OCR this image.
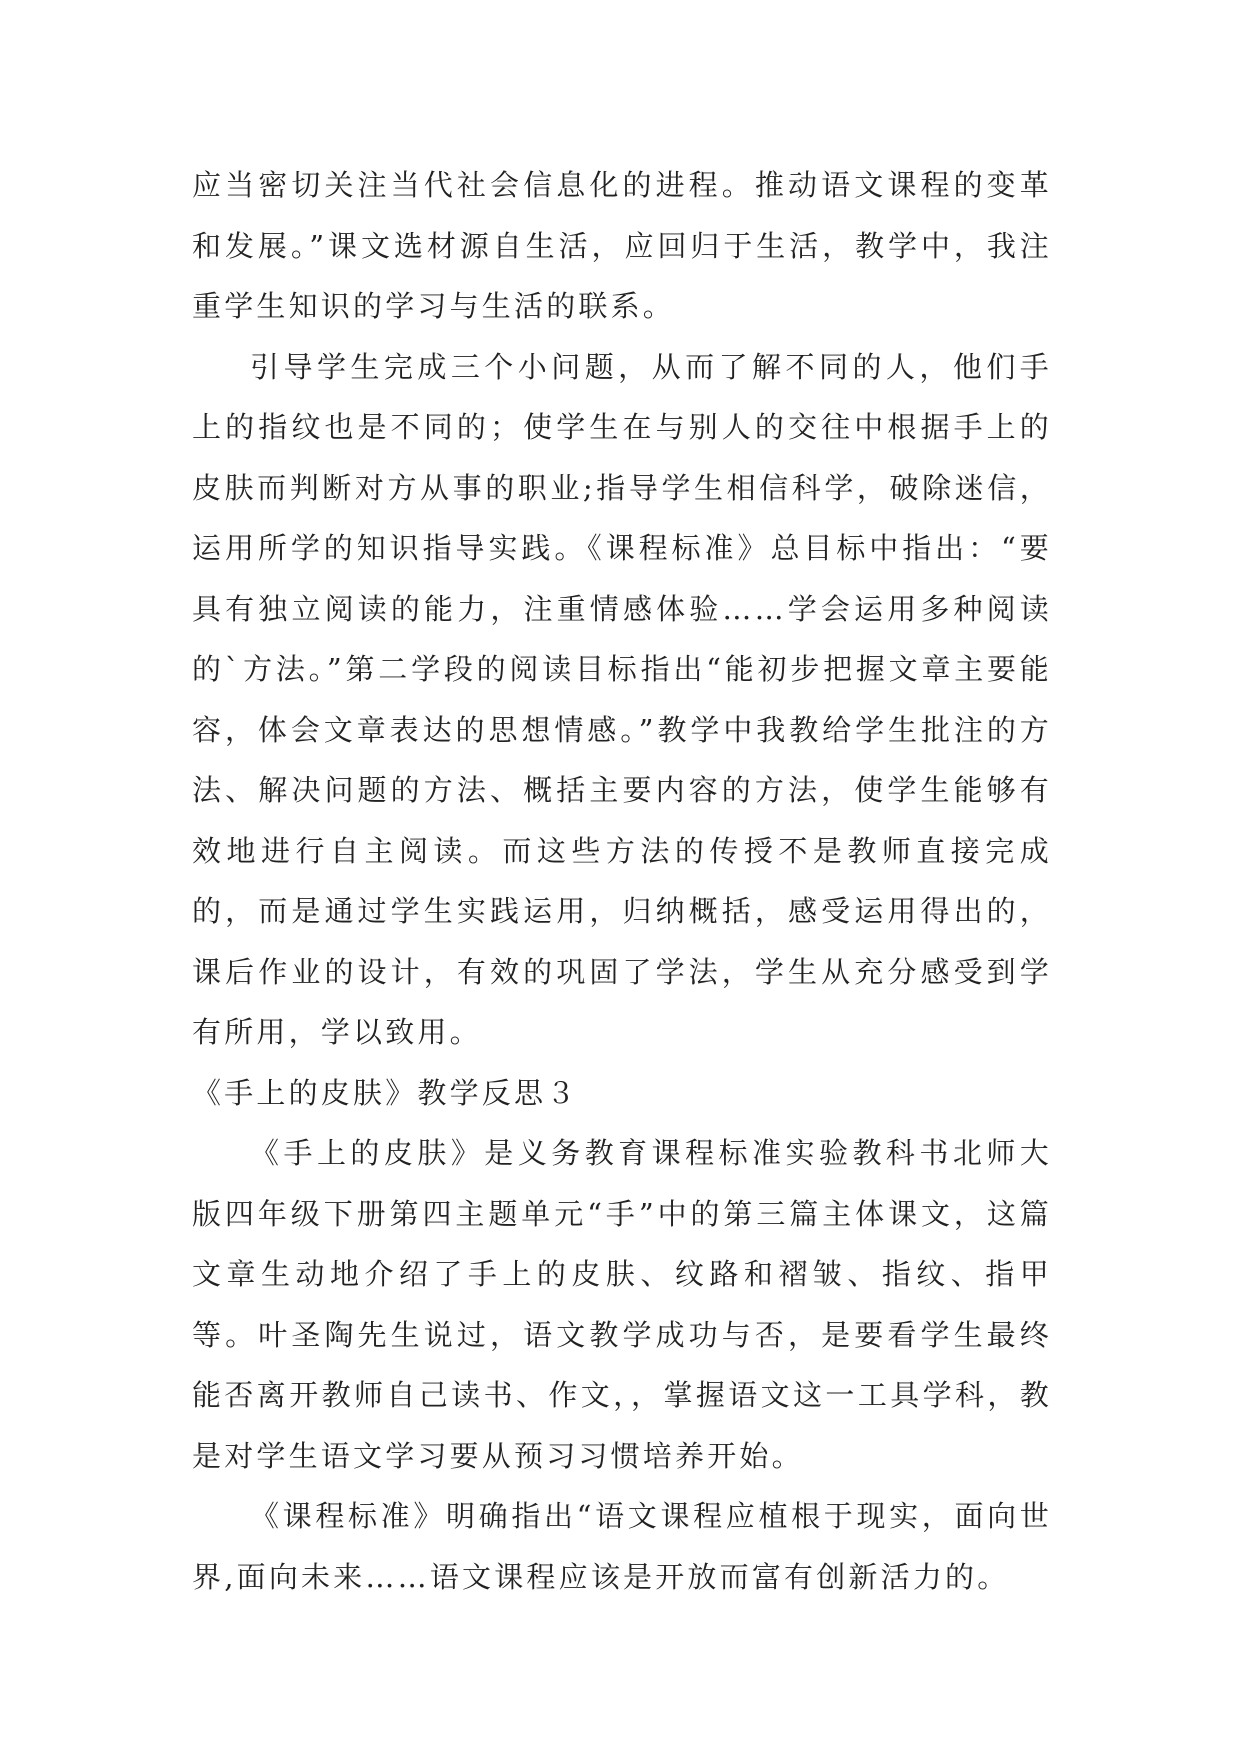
应当密切关注当代社会信息化的进程。推动语文课程的变革和发展。”课文选材源自生活，应回归于生活，教学中，我注重学生知识的学习与生活的联系。

引导学生完成三个小问题，从而了解不同的人，他们手上的指纹也是不同的；使学生在与别人的交往中根据手上的皮肤而判断对方从事的职业;指导学生相信科学，破除迷信，运用所学的知识指导实践。《课程标准》总目标中指出：“要具有独立阅读的能力，注重情感体验……学会运用多种阅读的`方法。”第二学段的阅读目标指出“能初步把握文章主要能容，体会文章表达的思想情感。”教学中我教给学生批注的方法、解决问题的方法、概括主要内容的方法，使学生能够有效地进行自主阅读。而这些方法的传授不是教师直接完成的，而是通过学生实践运用，归纳概括，感受运用得出的，课后作业的设计，有效的巩固了学法，学生从充分感受到学有所用，学以致用。

《手上的皮肤》教学反思３

《手上的皮肤》是义务教育课程标准实验教科书北师大版四年级下册第四主题单元“手”中的第三篇主体课文，这篇文章生动地介绍了手上的皮肤、纹路和褶皱、指纹、指甲等。叶圣陶先生说过，语文教学成功与否，是要看学生最终能否离开教师自己读书、作文，，掌握语文这一工具学科，教是对学生语文学习要从预习习惯培养开始。

《课程标准》明确指出“语文课程应植根于现实，面向世界,面向未来……语文课程应该是开放而富有创新活力的。
